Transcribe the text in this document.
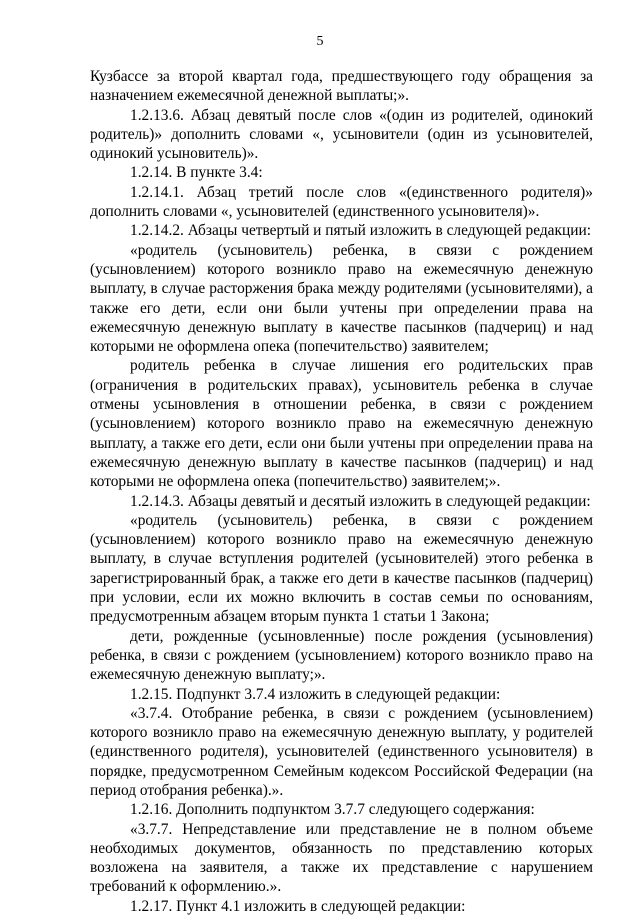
5

Кузбассе за второй квартал года, предшествующего году обращения за назначением ежемесячной денежной выплаты;».

1.2.13.6. Абзац девятый после слов «(один из родителей, одинокий родитель)» дополнить словами «, усыновители (один из усыновителей, одинокий усыновитель)».

1.2.14. В пункте 3.4:

1.2.14.1. Абзац третий после слов «(единственного родителя)» дополнить словами «, усыновителей (единственного усыновителя)».

1.2.14.2. Абзацы четвертый и пятый изложить в следующей редакции:

«родитель (усыновитель) ребенка, в связи с рождением (усыновлением) которого возникло право на ежемесячную денежную выплату, в случае расторжения брака между родителями (усыновителями), а также его дети, если они были учтены при определении права на ежемесячную денежную выплату в качестве пасынков (падчериц) и над которыми не оформлена опека (попечительство) заявителем;

родитель ребенка в случае лишения его родительских прав (ограничения в родительских правах), усыновитель ребенка в случае отмены усыновления в отношении ребенка, в связи с рождением (усыновлением) которого возникло право на ежемесячную денежную выплату, а также его дети, если они были учтены при определении права на ежемесячную денежную выплату в качестве пасынков (падчериц) и над которыми не оформлена опека (попечительство) заявителем;».

1.2.14.3. Абзацы девятый и десятый изложить в следующей редакции:

«родитель (усыновитель) ребенка, в связи с рождением (усыновлением) которого возникло право на ежемесячную денежную выплату, в случае вступления родителей (усыновителей) этого ребенка в зарегистрированный брак, а также его дети в качестве пасынков (падчериц) при условии, если их можно включить в состав семьи по основаниям, предусмотренным абзацем вторым пункта 1 статьи 1 Закона;

дети, рожденные (усыновленные) после рождения (усыновления) ребенка, в связи с рождением (усыновлением) которого возникло право на ежемесячную денежную выплату;».

1.2.15. Подпункт 3.7.4 изложить в следующей редакции:

«3.7.4. Отобрание ребенка, в связи с рождением (усыновлением) которого возникло право на ежемесячную денежную выплату, у родителей (единственного родителя), усыновителей (единственного усыновителя) в порядке, предусмотренном Семейным кодексом Российской Федерации (на период отобрания ребенка).».

1.2.16. Дополнить подпунктом 3.7.7 следующего содержания:

«3.7.7. Непредставление или представление не в полном объеме необходимых документов, обязанность по представлению которых возложена на заявителя, а также их представление с нарушением требований к оформлению.».

1.2.17. Пункт 4.1 изложить в следующей редакции:
